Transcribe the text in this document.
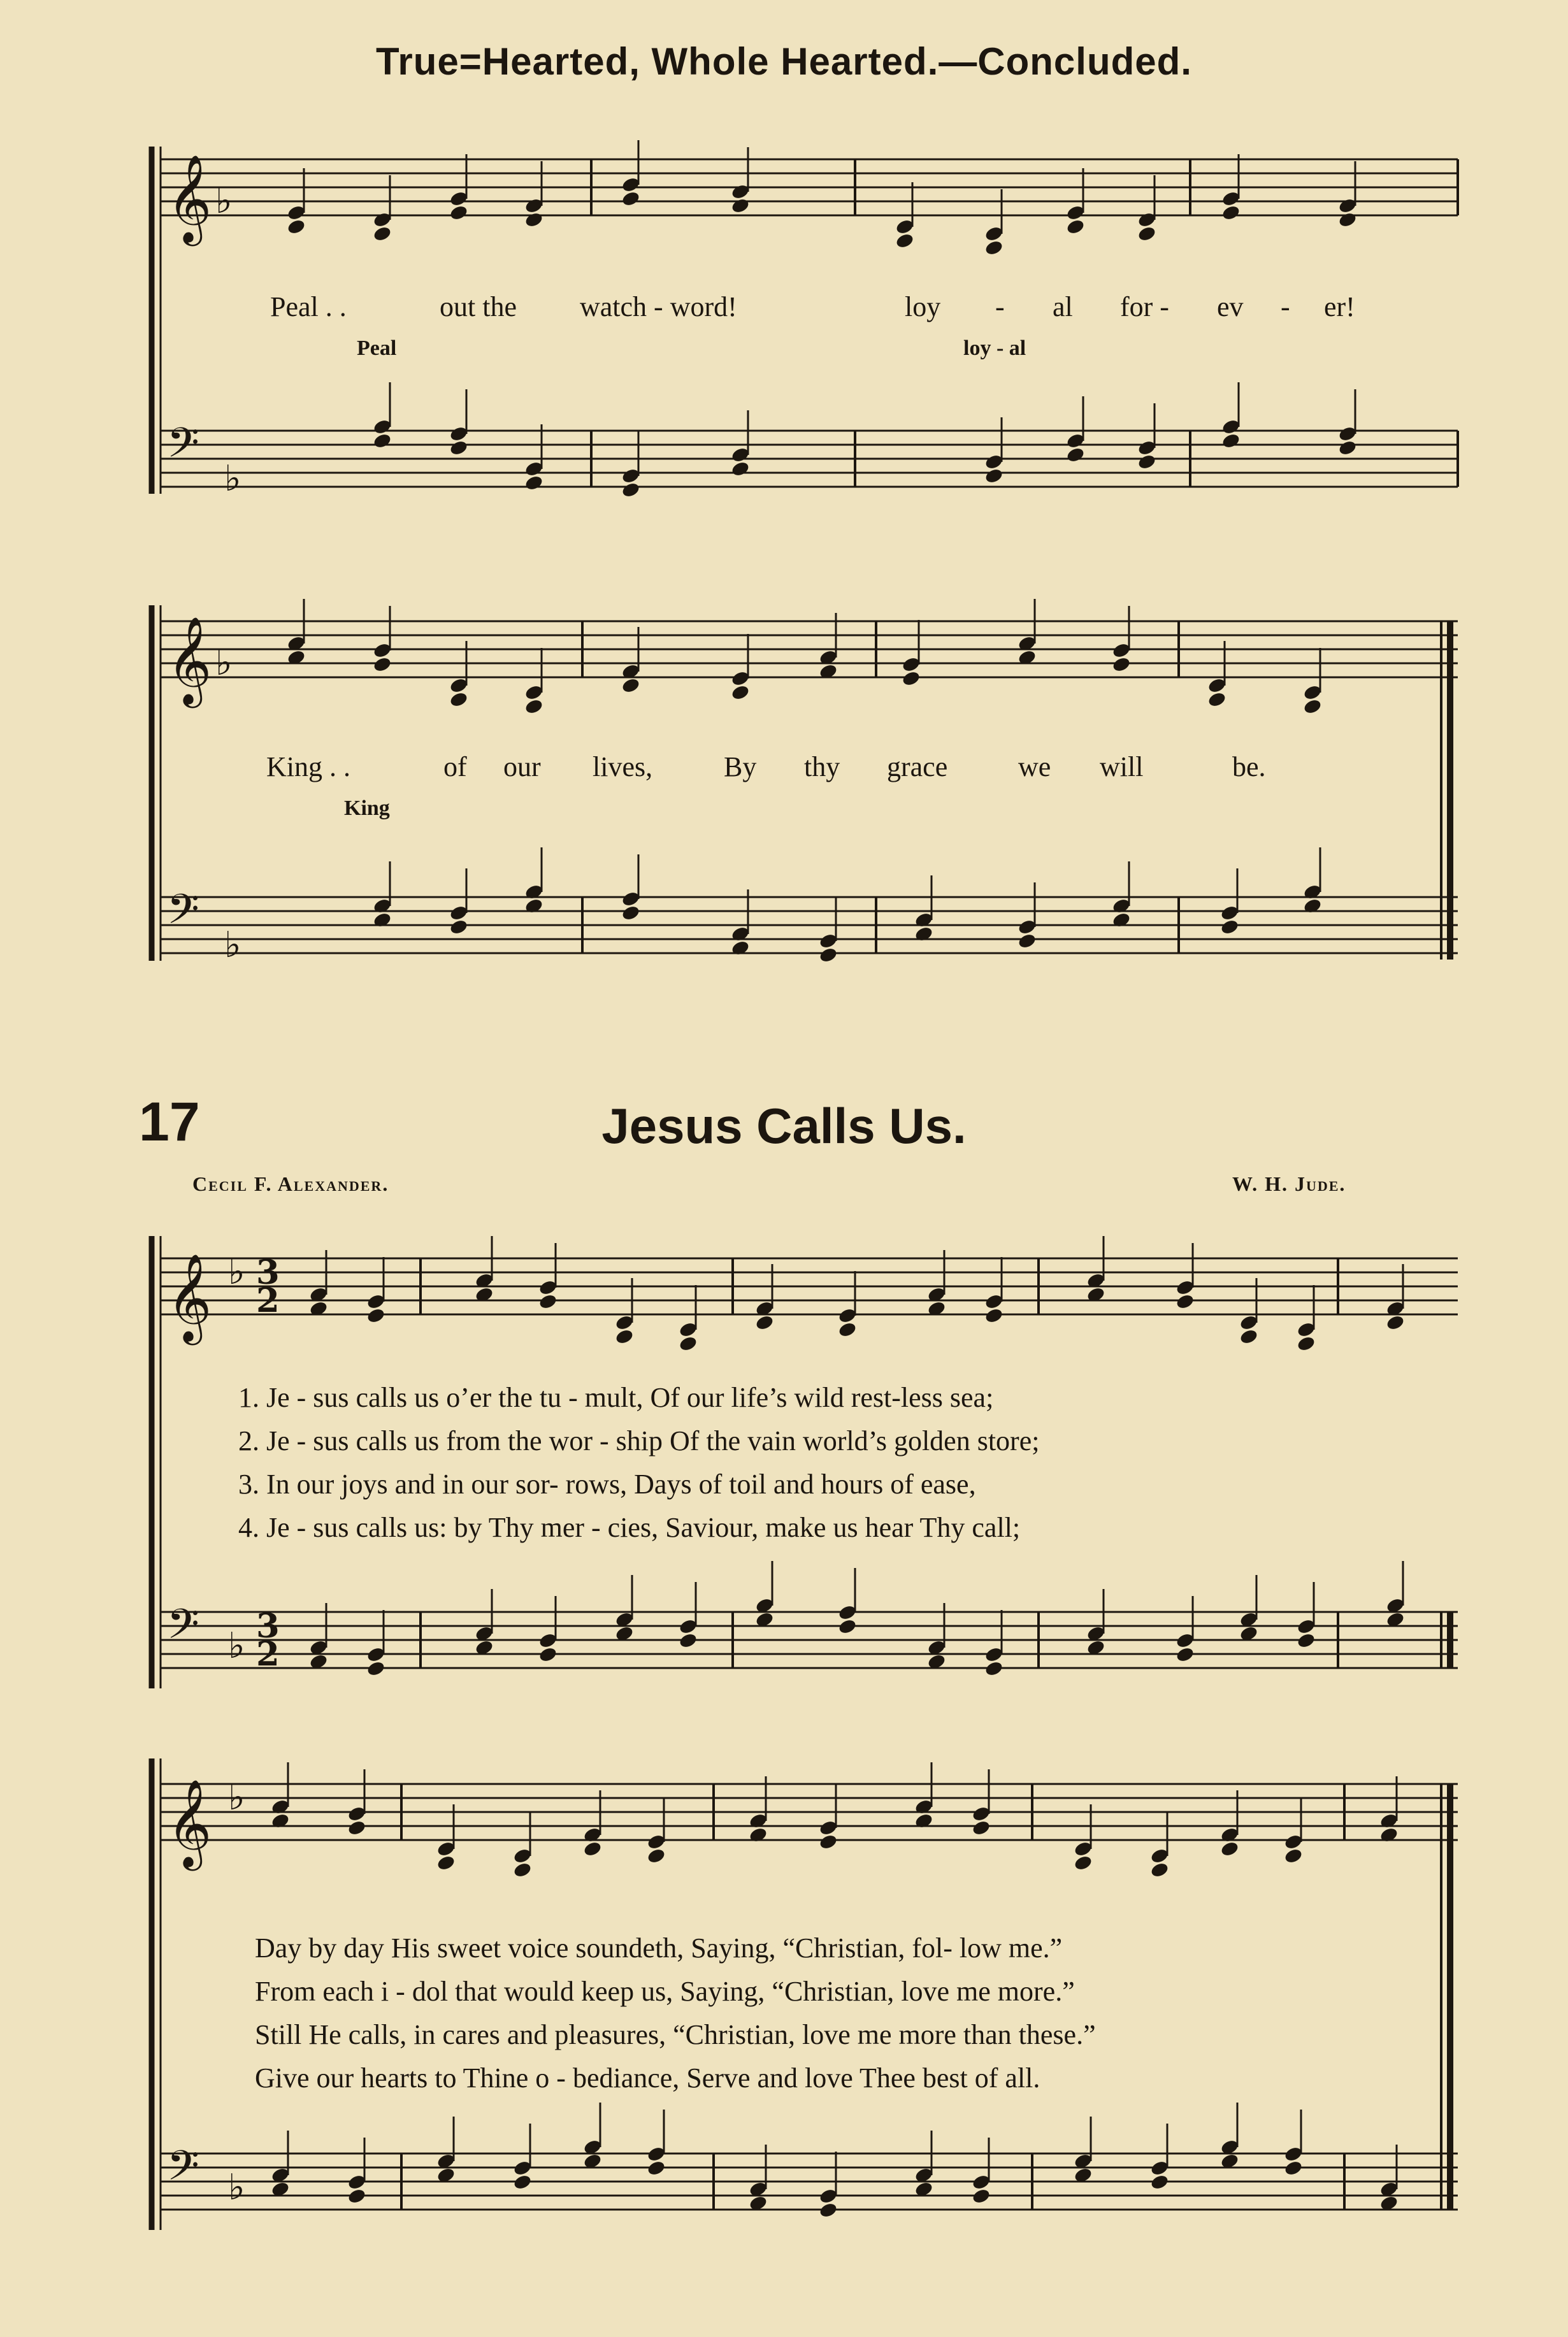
True=Hearted, Whole Hearted.—Concluded.
𝄞 ♭
𝄢
♭
𝄞 ♭
𝄢
♭
𝄞 ♭ 3
2
𝄢 ♭ 3
2
𝄞 ♭
𝄢 ♭
Peal . .	out the watch - word!	loy - al for - ev - er!
Peal	loy - al
King . .	of our lives,	By thy grace	we will	be.
King
17	Jesus Calls Us.
Cecil F. Alexander.	W. H. Jude.
1. Je - sus calls us o’er the tu - mult, Of our life’s wild rest-less sea;
2. Je - sus calls us from the wor - ship Of the vain world’s golden store;
3. In our joys and in our sor- rows, Days of toil and hours of ease,
4. Je - sus calls us: by Thy mer - cies, Saviour, make us hear Thy call;
Day by day His sweet voice soundeth, Saying, “Christian, fol- low me.”
From each i - dol that would keep us, Saying, “Christian, love me more.”
Still He calls, in cares and pleasures, “Christian, love me more than these.”
Give our hearts to Thine o - bediance, Serve and love Thee best of all.
